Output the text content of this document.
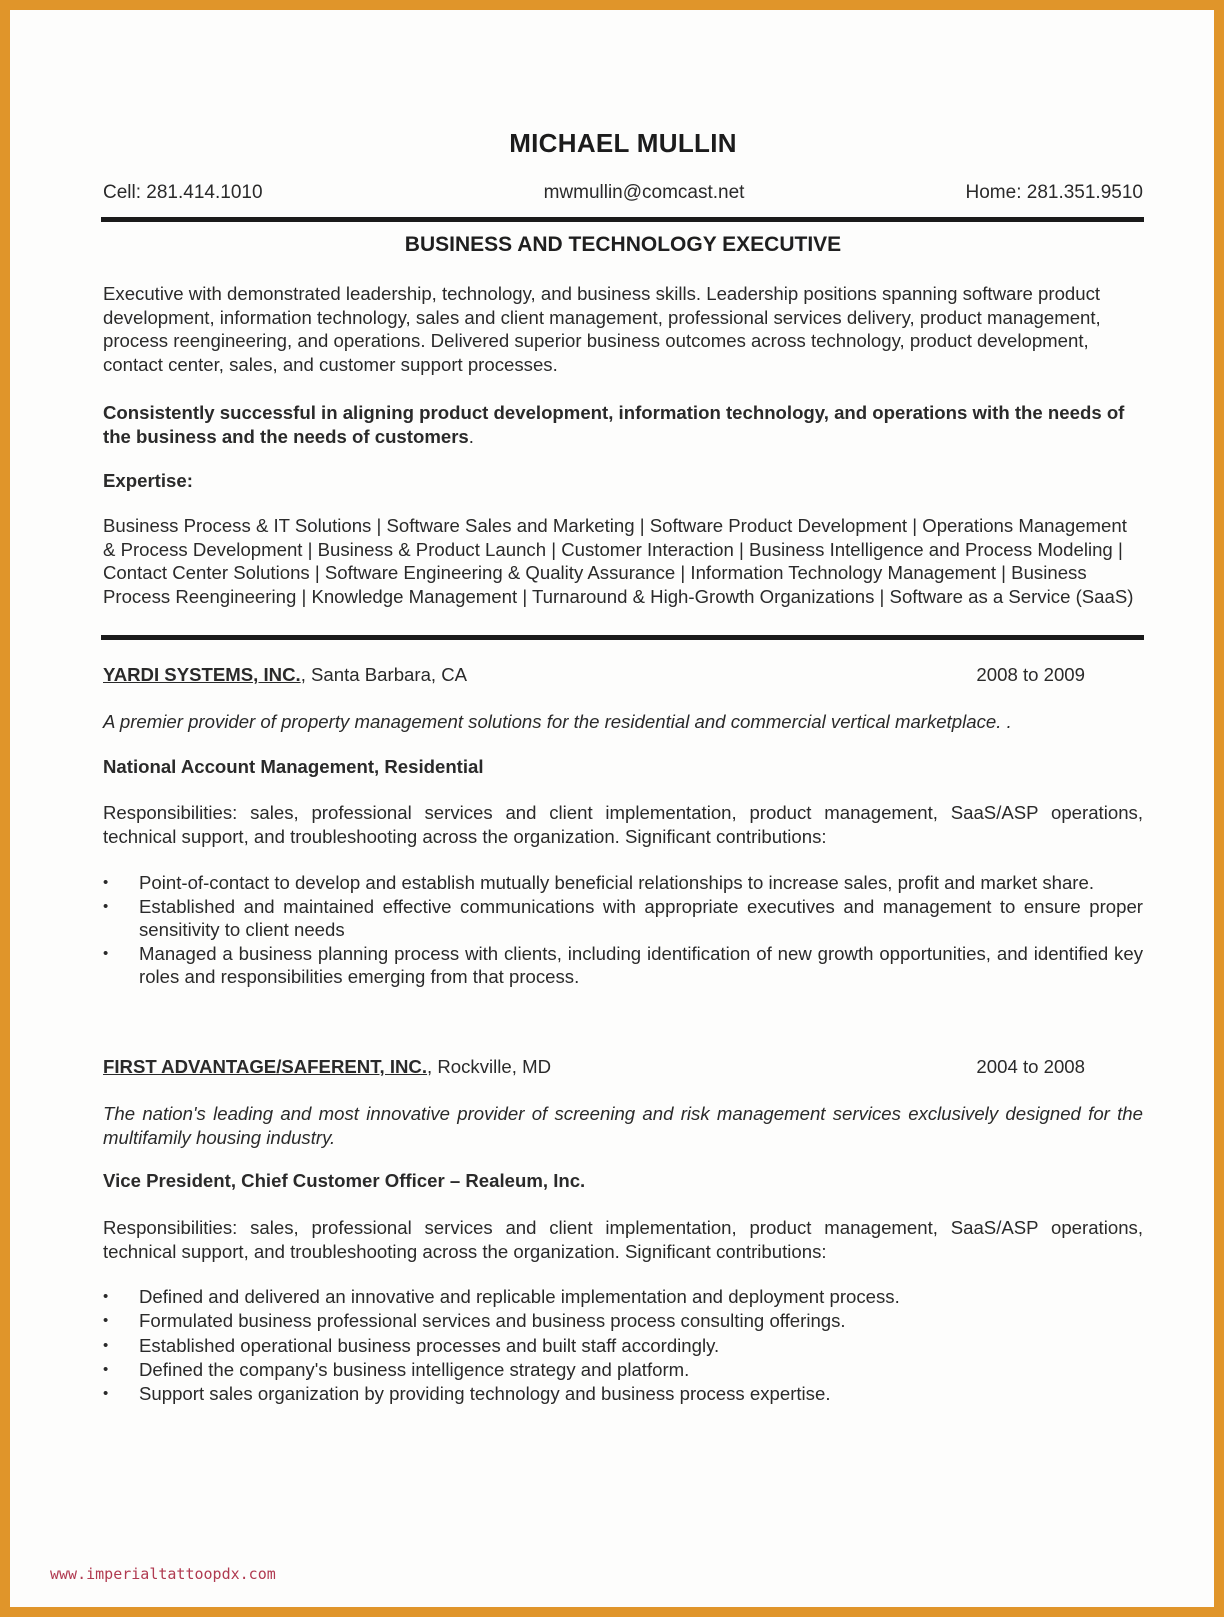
MICHAEL MULLIN
Cell: 281.414.1010	mwmullin@comcast.net	Home: 281.351.9510
BUSINESS AND TECHNOLOGY EXECUTIVE
Executive with demonstrated leadership, technology, and business skills. Leadership positions spanning software product development, information technology, sales and client management, professional services delivery, product management, process reengineering, and operations. Delivered superior business outcomes across technology, product development, contact center, sales, and customer support processes.
Consistently successful in aligning product development, information technology, and operations with the needs of the business and the needs of customers.
Expertise:
Business Process & IT Solutions | Software Sales and Marketing | Software Product Development | Operations Management & Process Development | Business & Product Launch | Customer Interaction | Business Intelligence and Process Modeling | Contact Center Solutions | Software Engineering & Quality Assurance | Information Technology Management | Business Process Reengineering | Knowledge Management | Turnaround & High-Growth Organizations | Software as a Service (SaaS)
YARDI SYSTEMS, INC., Santa Barbara, CA	2008 to 2009
A premier provider of property management solutions for the residential and commercial vertical marketplace. .
National Account Management, Residential
Responsibilities: sales, professional services and client implementation, product management, SaaS/ASP operations, technical support, and troubleshooting across the organization. Significant contributions:
• Point-of-contact to develop and establish mutually beneficial relationships to increase sales, profit and market share.
• Established and maintained effective communications with appropriate executives and management to ensure proper sensitivity to client needs
• Managed a business planning process with clients, including identification of new growth opportunities, and identified key roles and responsibilities emerging from that process.
FIRST ADVANTAGE/SAFERENT, INC., Rockville, MD	2004 to 2008
The nation's leading and most innovative provider of screening and risk management services exclusively designed for the multifamily housing industry.
Vice President, Chief Customer Officer – Realeum, Inc.
Responsibilities: sales, professional services and client implementation, product management, SaaS/ASP operations, technical support, and troubleshooting across the organization. Significant contributions:
• Defined and delivered an innovative and replicable implementation and deployment process.
• Formulated business professional services and business process consulting offerings.
• Established operational business processes and built staff accordingly.
• Defined the company's business intelligence strategy and platform.
• Support sales organization by providing technology and business process expertise.
www.imperialtattoopdx.com
